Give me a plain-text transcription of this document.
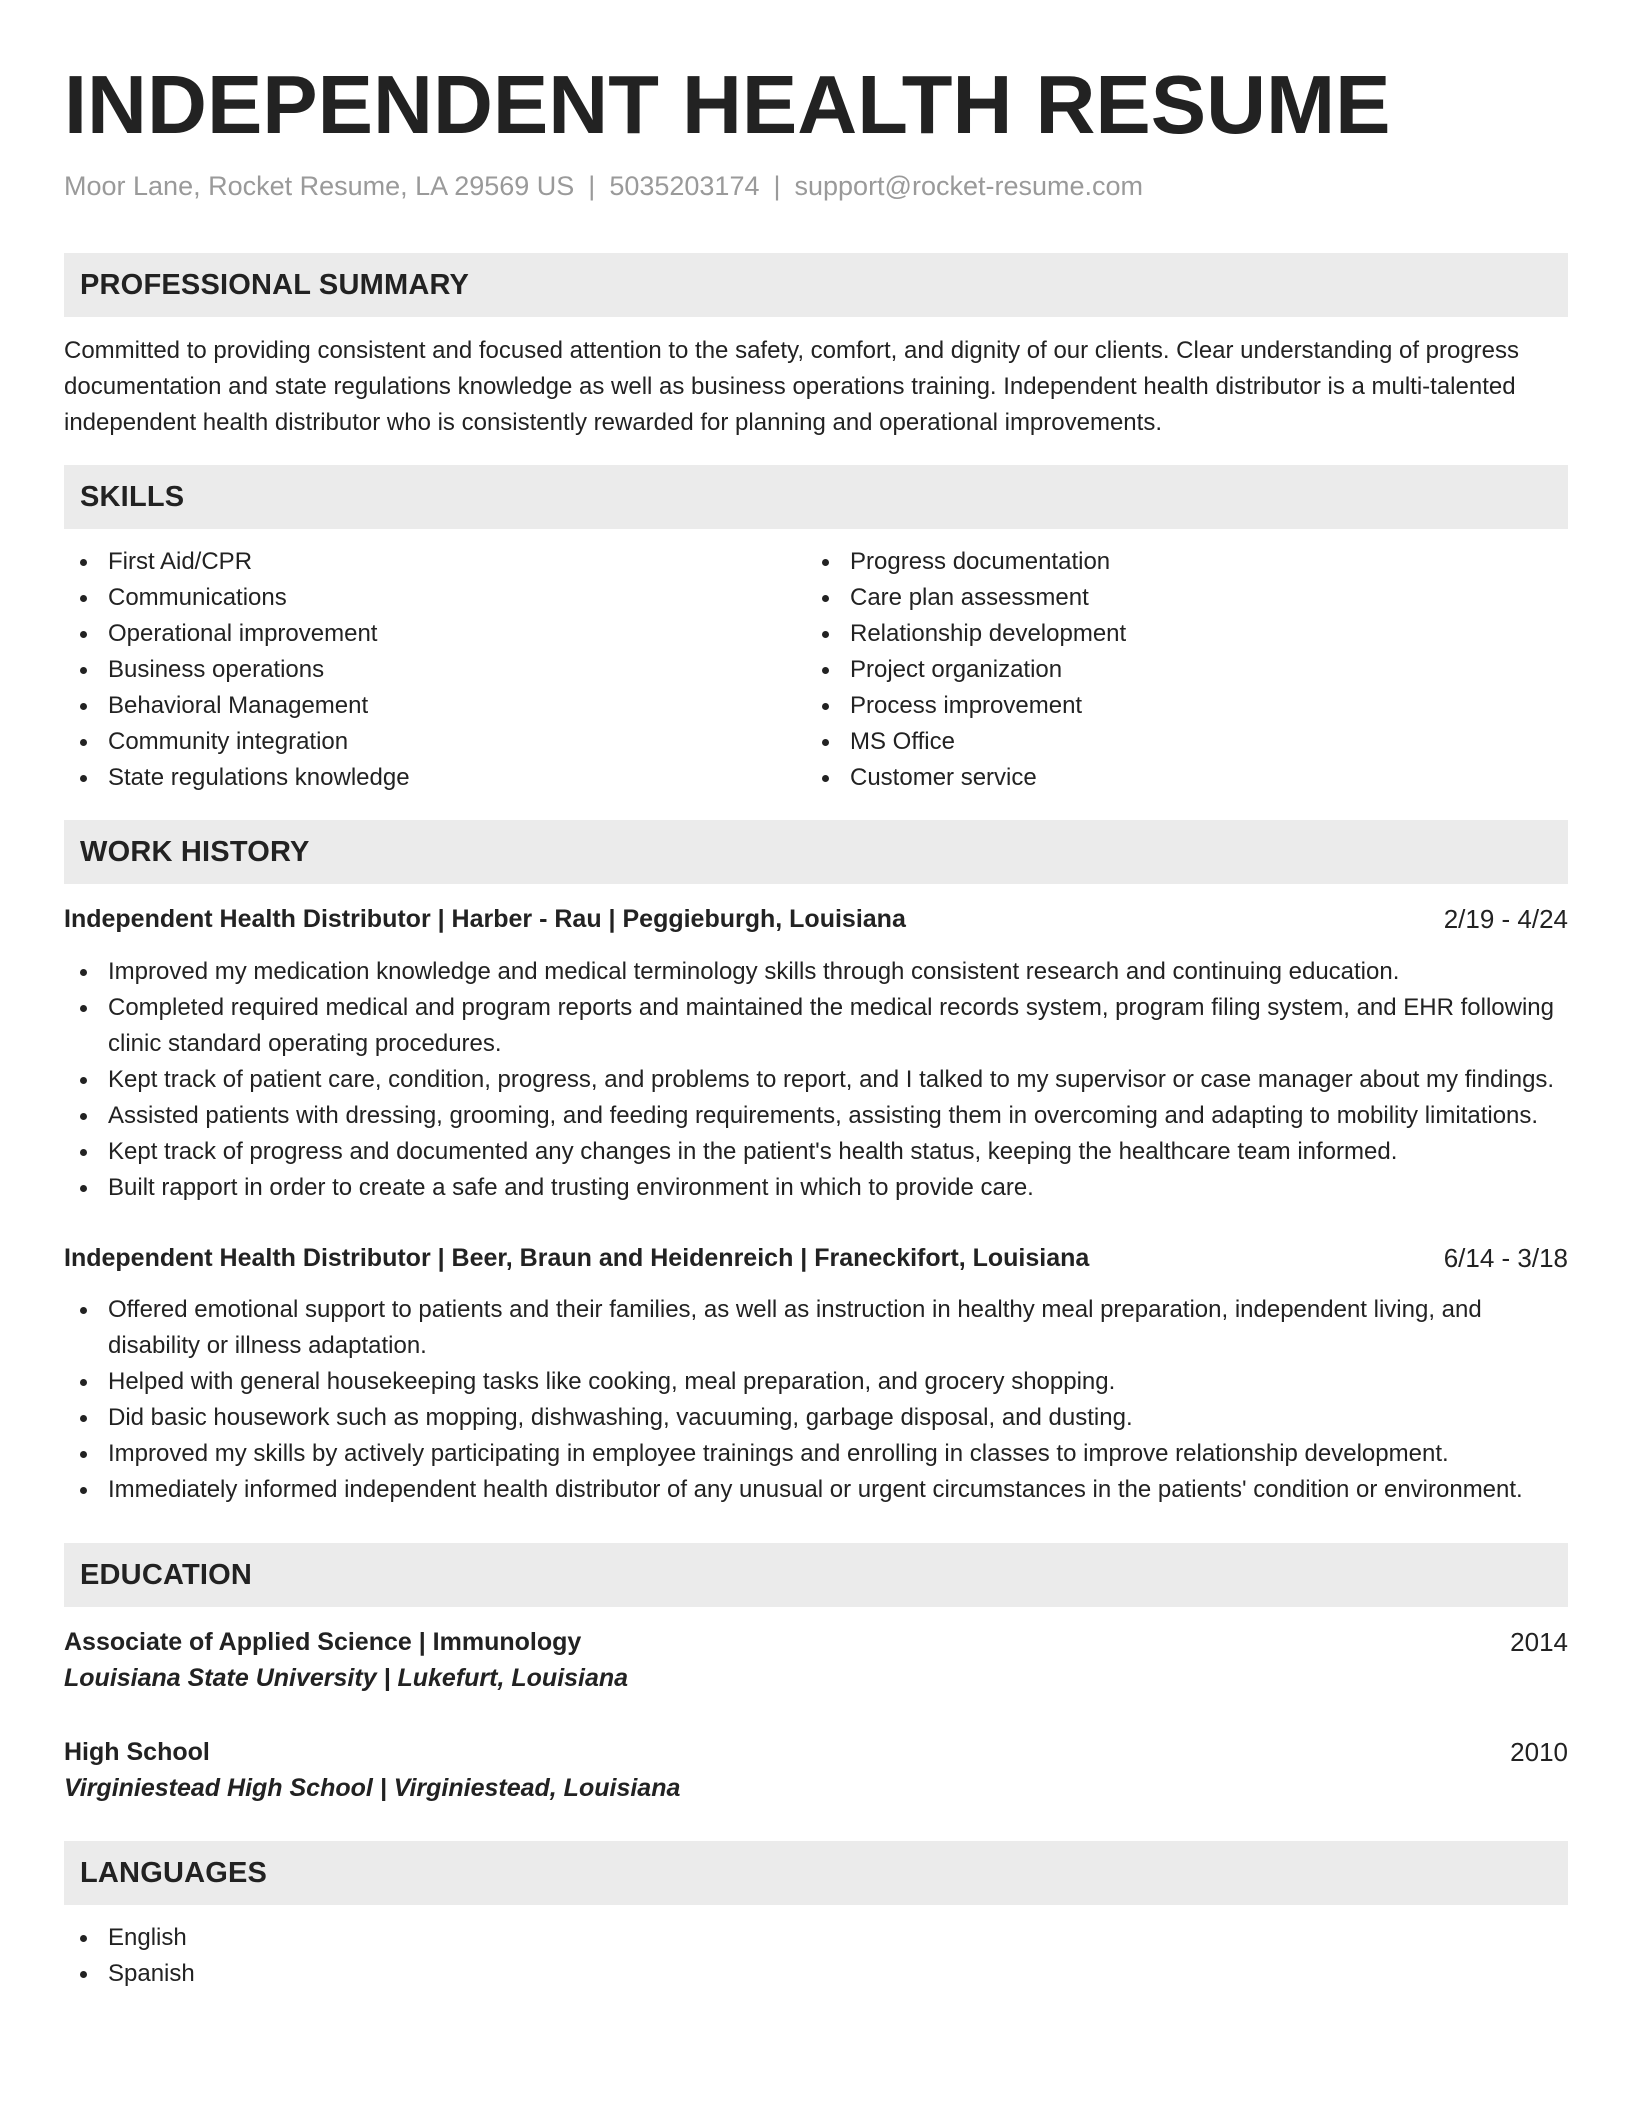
INDEPENDENT HEALTH RESUME
Moor Lane, Rocket Resume, LA 29569 US | 5035203174 | support@rocket-resume.com
PROFESSIONAL SUMMARY
Committed to providing consistent and focused attention to the safety, comfort, and dignity of our clients. Clear understanding of progress documentation and state regulations knowledge as well as business operations training. Independent health distributor is a multi-talented independent health distributor who is consistently rewarded for planning and operational improvements.
SKILLS
First Aid/CPR
Communications
Operational improvement
Business operations
Behavioral Management
Community integration
State regulations knowledge
Progress documentation
Care plan assessment
Relationship development
Project organization
Process improvement
MS Office
Customer service
WORK HISTORY
Independent Health Distributor | Harber - Rau | Peggieburgh, Louisiana	2/19 - 4/24
Improved my medication knowledge and medical terminology skills through consistent research and continuing education.
Completed required medical and program reports and maintained the medical records system, program filing system, and EHR following clinic standard operating procedures.
Kept track of patient care, condition, progress, and problems to report, and I talked to my supervisor or case manager about my findings.
Assisted patients with dressing, grooming, and feeding requirements, assisting them in overcoming and adapting to mobility limitations.
Kept track of progress and documented any changes in the patient's health status, keeping the healthcare team informed.
Built rapport in order to create a safe and trusting environment in which to provide care.
Independent Health Distributor | Beer, Braun and Heidenreich | Franeckifort, Louisiana	6/14 - 3/18
Offered emotional support to patients and their families, as well as instruction in healthy meal preparation, independent living, and disability or illness adaptation.
Helped with general housekeeping tasks like cooking, meal preparation, and grocery shopping.
Did basic housework such as mopping, dishwashing, vacuuming, garbage disposal, and dusting.
Improved my skills by actively participating in employee trainings and enrolling in classes to improve relationship development.
Immediately informed independent health distributor of any unusual or urgent circumstances in the patients' condition or environment.
EDUCATION
Associate of Applied Science | Immunology	2014
Louisiana State University | Lukefurt, Louisiana
High School	2010
Virginiestead High School | Virginiestead, Louisiana
LANGUAGES
English
Spanish
